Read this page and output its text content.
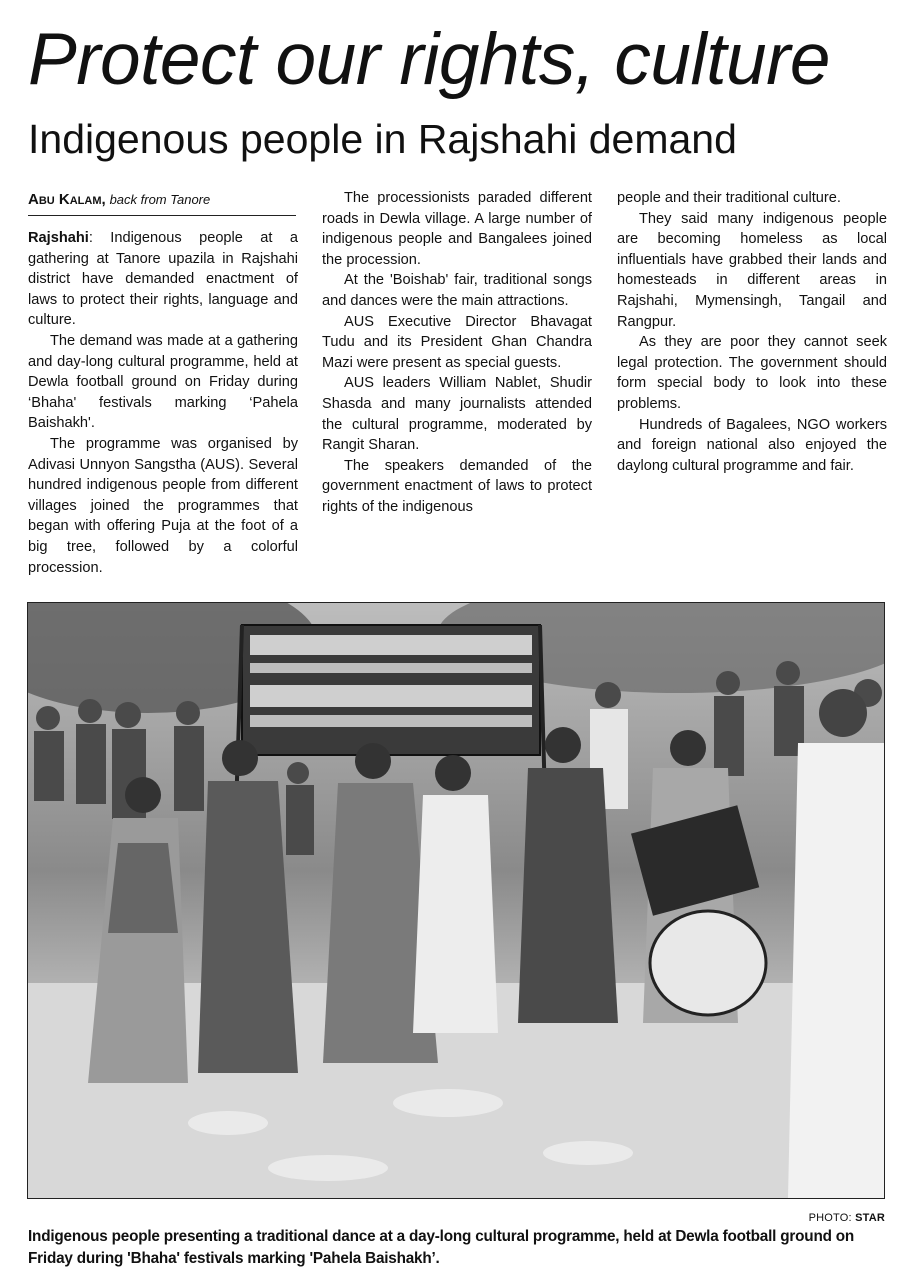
Protect our rights, culture
Indigenous people in Rajshahi demand
Abu Kalam, back from Tanore

Rajshahi: Indigenous people at a gathering at Tanore upazila in Rajshahi district have demanded enactment of laws to protect their rights, language and culture.

The demand was made at a gathering and day-long cultural programme, held at Dewla football ground on Friday during ‘Bhaha' festivals marking ‘Pahela Baishakh'.

The programme was organised by Adivasi Unnyon Sangstha (AUS). Several hundred indigenous people from different villages joined the programmes that began with offering Puja at the foot of a big tree, followed by a colorful procession.

The processionists paraded different roads in Dewla village. A large number of indigenous people and Bangalees joined the procession.

At the 'Boishab' fair, traditional songs and dances were the main attractions.

AUS Executive Director Bhavagat Tudu and its President Ghan Chandra Mazi were present as special guests.

AUS leaders William Nablet, Shudir Shasda and many journalists attended the cultural programme, moderated by Rangit Sharan.

The speakers demanded of the government enactment of laws to protect rights of the indigenous

people and their traditional culture.

They said many indigenous people are becoming homeless as local influentials have grabbed their lands and homesteads in different areas in Rajshahi, Mymensingh, Tangail and Rangpur.

As they are poor they cannot seek legal protection. The government should form special body to look into these problems.

Hundreds of Bagalees, NGO workers and foreign national also enjoyed the daylong cultural programme and fair.

PHOTO: STAR
Indigenous people presenting a traditional dance at a day-long cultural programme, held at Dewla football ground on Friday during 'Bhaha' festivals marking 'Pahela Baishakh’.
